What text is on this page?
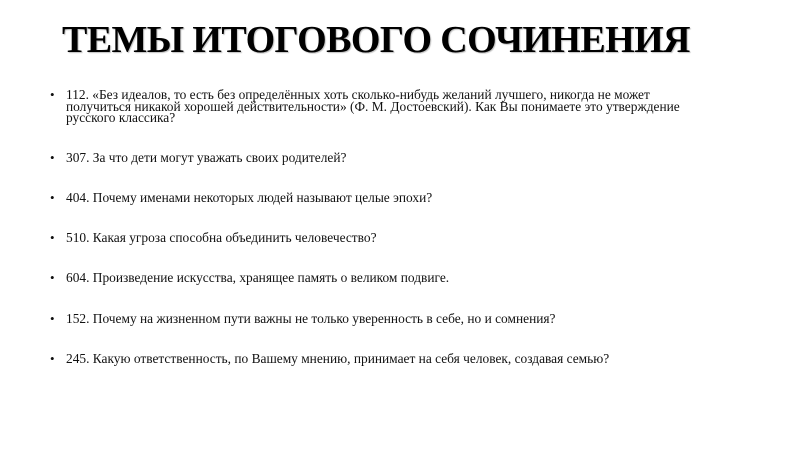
ТЕМЫ ИТОГОВОГО СОЧИНЕНИЯ
• 112. «Без идеалов, то есть без определённых хоть сколько-нибудь желаний лучшего, никогда не может получиться никакой хорошей действительности» (Ф. М. Достоевский). Как Вы понимаете это утверждение русского классика?
• 307. За что дети могут уважать своих родителей?
• 404. Почему именами некоторых людей называют целые эпохи?
• 510. Какая угроза способна объединить человечество?
• 604. Произведение искусства, хранящее память о великом подвиге.
• 152. Почему на жизненном пути важны не только уверенность в себе, но и сомнения?
• 245. Какую ответственность, по Вашему мнению, принимает на себя человек, создавая семью?
